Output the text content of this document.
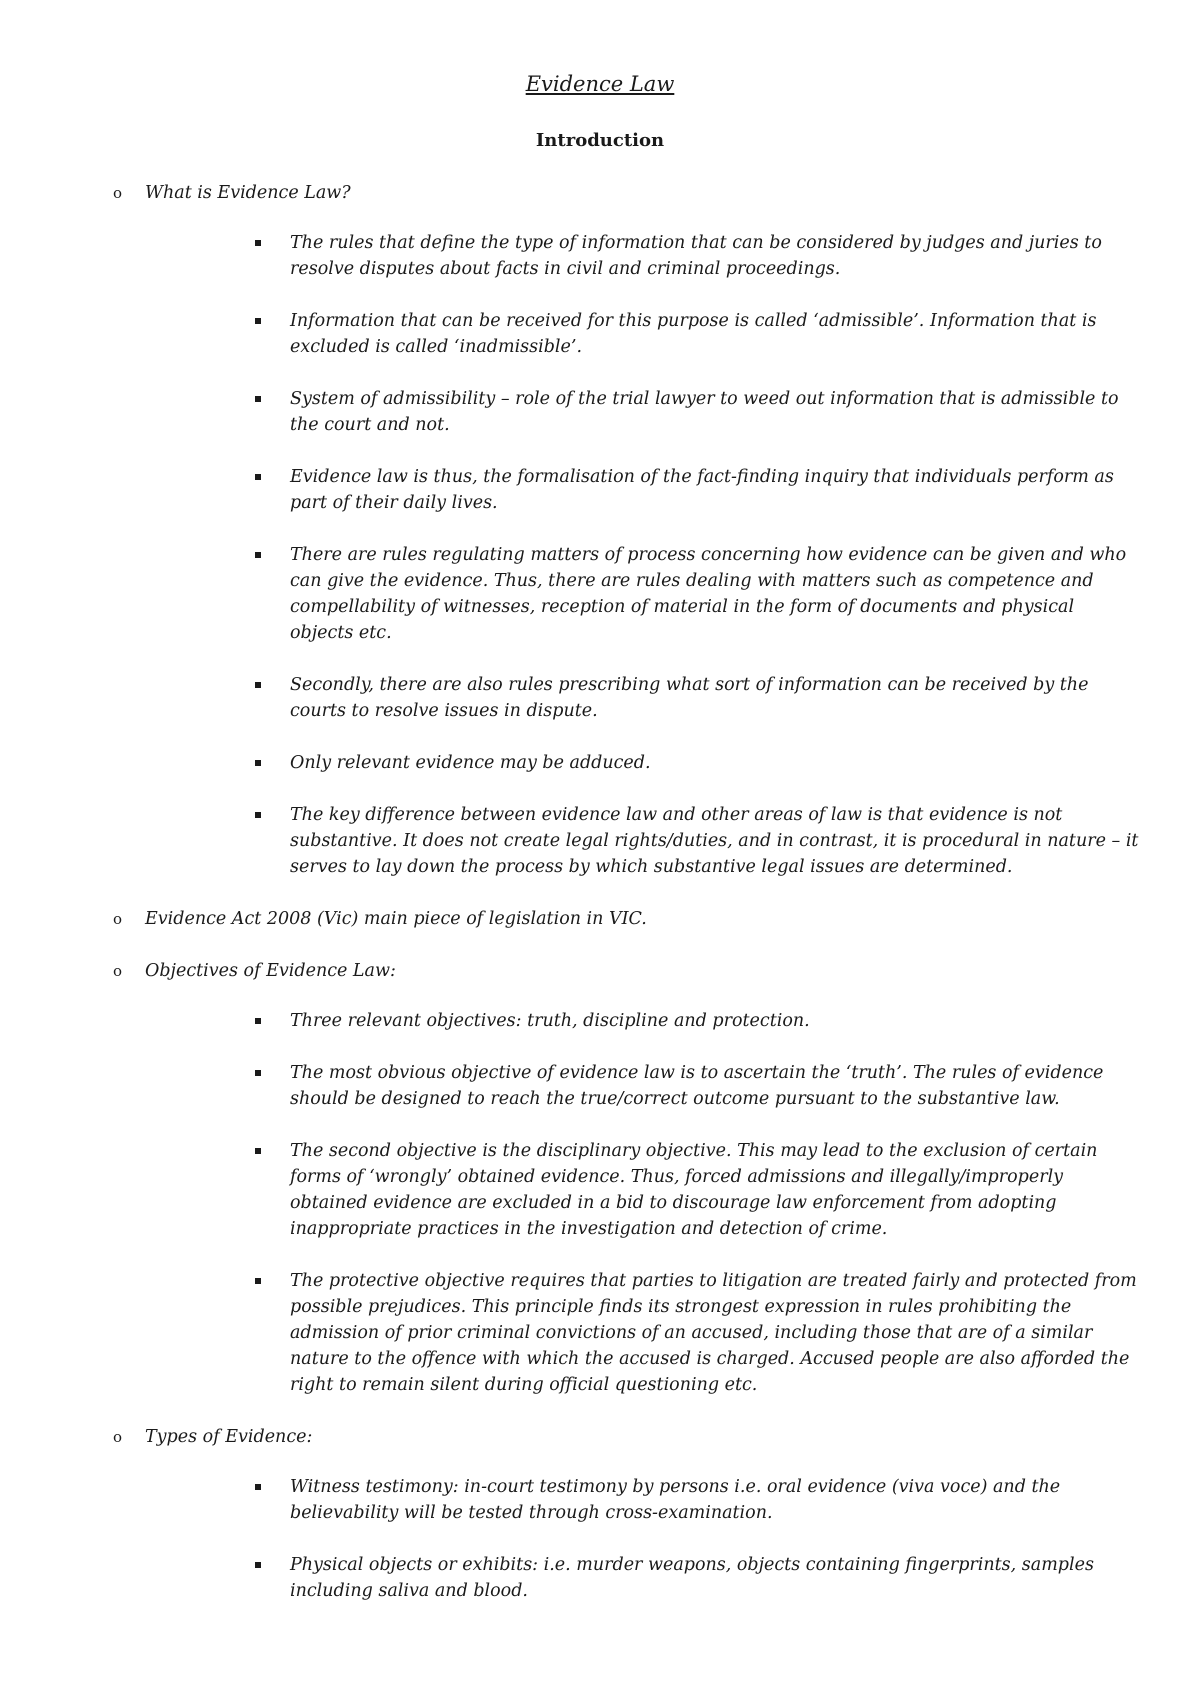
Evidence Law
Introduction
o What is Evidence Law?
The rules that define the type of information that can be considered by judges and juries to resolve disputes about facts in civil and criminal proceedings.
Information that can be received for this purpose is called ‘admissible’. Information that is excluded is called ‘inadmissible’.
System of admissibility – role of the trial lawyer to weed out information that is admissible to the court and not.
Evidence law is thus, the formalisation of the fact-finding inquiry that individuals perform as part of their daily lives.
There are rules regulating matters of process concerning how evidence can be given and who can give the evidence. Thus, there are rules dealing with matters such as competence and compellability of witnesses, reception of material in the form of documents and physical objects etc.
Secondly, there are also rules prescribing what sort of information can be received by the courts to resolve issues in dispute.
Only relevant evidence may be adduced.
The key difference between evidence law and other areas of law is that evidence is not substantive. It does not create legal rights/duties, and in contrast, it is procedural in nature – it serves to lay down the process by which substantive legal issues are determined.
o Evidence Act 2008 (Vic) main piece of legislation in VIC.
o Objectives of Evidence Law:
Three relevant objectives: truth, discipline and protection.
The most obvious objective of evidence law is to ascertain the ‘truth’. The rules of evidence should be designed to reach the true/correct outcome pursuant to the substantive law.
The second objective is the disciplinary objective. This may lead to the exclusion of certain forms of ‘wrongly’ obtained evidence. Thus, forced admissions and illegally/improperly obtained evidence are excluded in a bid to discourage law enforcement from adopting inappropriate practices in the investigation and detection of crime.
The protective objective requires that parties to litigation are treated fairly and protected from possible prejudices. This principle finds its strongest expression in rules prohibiting the admission of prior criminal convictions of an accused, including those that are of a similar nature to the offence with which the accused is charged. Accused people are also afforded the right to remain silent during official questioning etc.
o Types of Evidence:
Witness testimony: in-court testimony by persons i.e. oral evidence (viva voce) and the believability will be tested through cross-examination.
Physical objects or exhibits: i.e. murder weapons, objects containing fingerprints, samples including saliva and blood.
